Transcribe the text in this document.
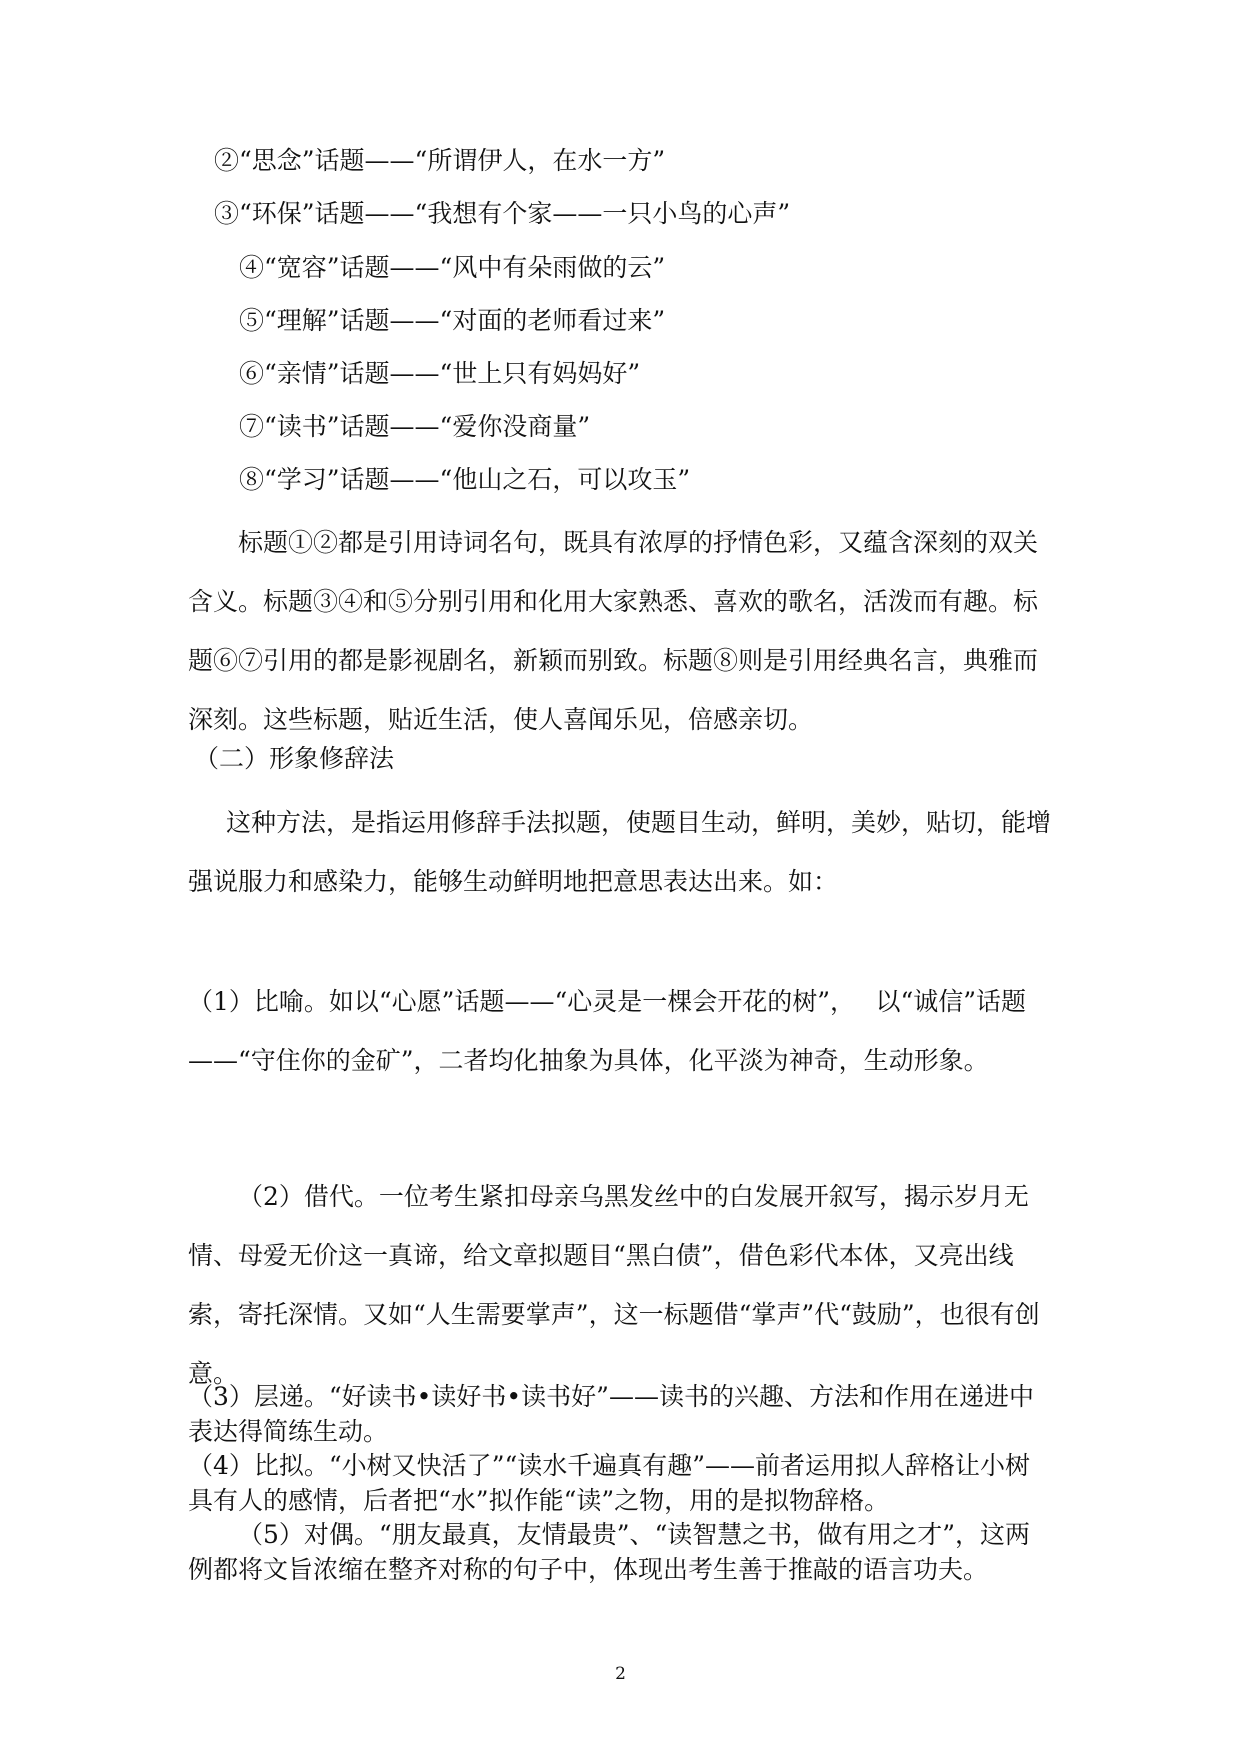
②“思念”话题——“所谓伊人，在水一方”
③“环保”话题——“我想有个家——一只小鸟的心声”
④“宽容”话题——“风中有朵雨做的云”
⑤“理解”话题——“对面的老师看过来”
⑥“亲情”话题——“世上只有妈妈好”
⑦“读书”话题——“爱你没商量”
⑧“学习”话题——“他山之石，可以攻玉”
标题①②都是引用诗词名句，既具有浓厚的抒情色彩，又蕴含深刻的双关含义。标题③④和⑤分别引用和化用大家熟悉、喜欢的歌名，活泼而有趣。标题⑥⑦引用的都是影视剧名，新颖而别致。标题⑧则是引用经典名言，典雅而深刻。这些标题，贴近生活，使人喜闻乐见，倍感亲切。
（二）形象修辞法
这种方法，是指运用修辞手法拟题，使题目生动，鲜明，美妙，贴切，能增强说服力和感染力，能够生动鲜明地把意思表达出来。如：
（1）比喻。如以“心愿”话题——“心灵是一棵会开花的树”，　 以“诚信”话题——“守住你的金矿”，二者均化抽象为具体，化平淡为神奇，生动形象。
（2）借代。一位考生紧扣母亲乌黑发丝中的白发展开叙写，揭示岁月无情、母爱无价这一真谛，给文章拟题目“黑白债”，借色彩代本体，又亮出线索，寄托深情。又如“人生需要掌声”，这一标题借“掌声”代“鼓励”，也很有创意。
（3）层递。“好读书•读好书•读书好”——读书的兴趣、方法和作用在递进中表达得简练生动。
（4）比拟。“小树又快活了”“读水千遍真有趣”——前者运用拟人辞格让小树具有人的感情，后者把“水”拟作能“读”之物，用的是拟物辞格。
（5）对偶。“朋友最真，友情最贵”、“读智慧之书，做有用之才”，这两例都将文旨浓缩在整齐对称的句子中，体现出考生善于推敲的语言功夫。
2
